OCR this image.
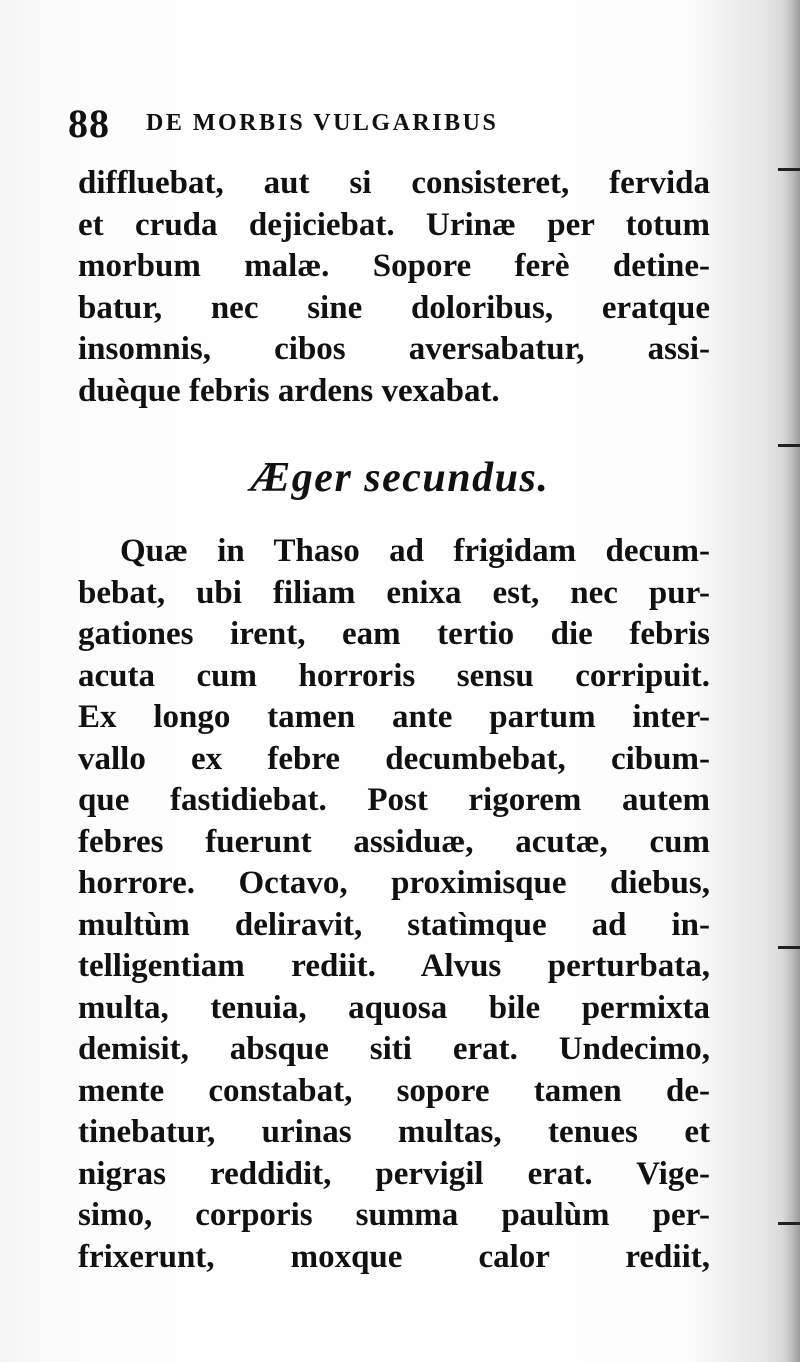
88 DE MORBIS VULGARIBUS
diffluebat, aut si consisteret, fervida
et cruda dejiciebat. Urinæ per totum
morbum malæ. Sopore ferè detine-
batur, nec sine doloribus, eratque
insomnis, cibos aversabatur, assi-
duèque febris ardens vexabat.
Æger secundus.
Quæ in Thaso ad frigidam decum-
bebat, ubi filiam enixa est, nec pur-
gationes irent, eam tertio die febris
acuta cum horroris sensu corripuit.
Ex longo tamen ante partum inter-
vallo ex febre decumbebat, cibum-
que fastidiebat. Post rigorem autem
febres fuerunt assiduæ, acutæ, cum
horrore. Octavo, proximisque diebus,
multùm deliravit, statìmque ad in-
telligentiam rediit. Alvus perturbata,
multa, tenuia, aquosa bile permixta
demisit, absque siti erat. Undecimo,
mente constabat, sopore tamen de-
tinebatur, urinas multas, tenues et
nigras reddidit, pervigil erat. Vige-
simo, corporis summa paulùm per-
frixerunt, moxque calor rediit,
